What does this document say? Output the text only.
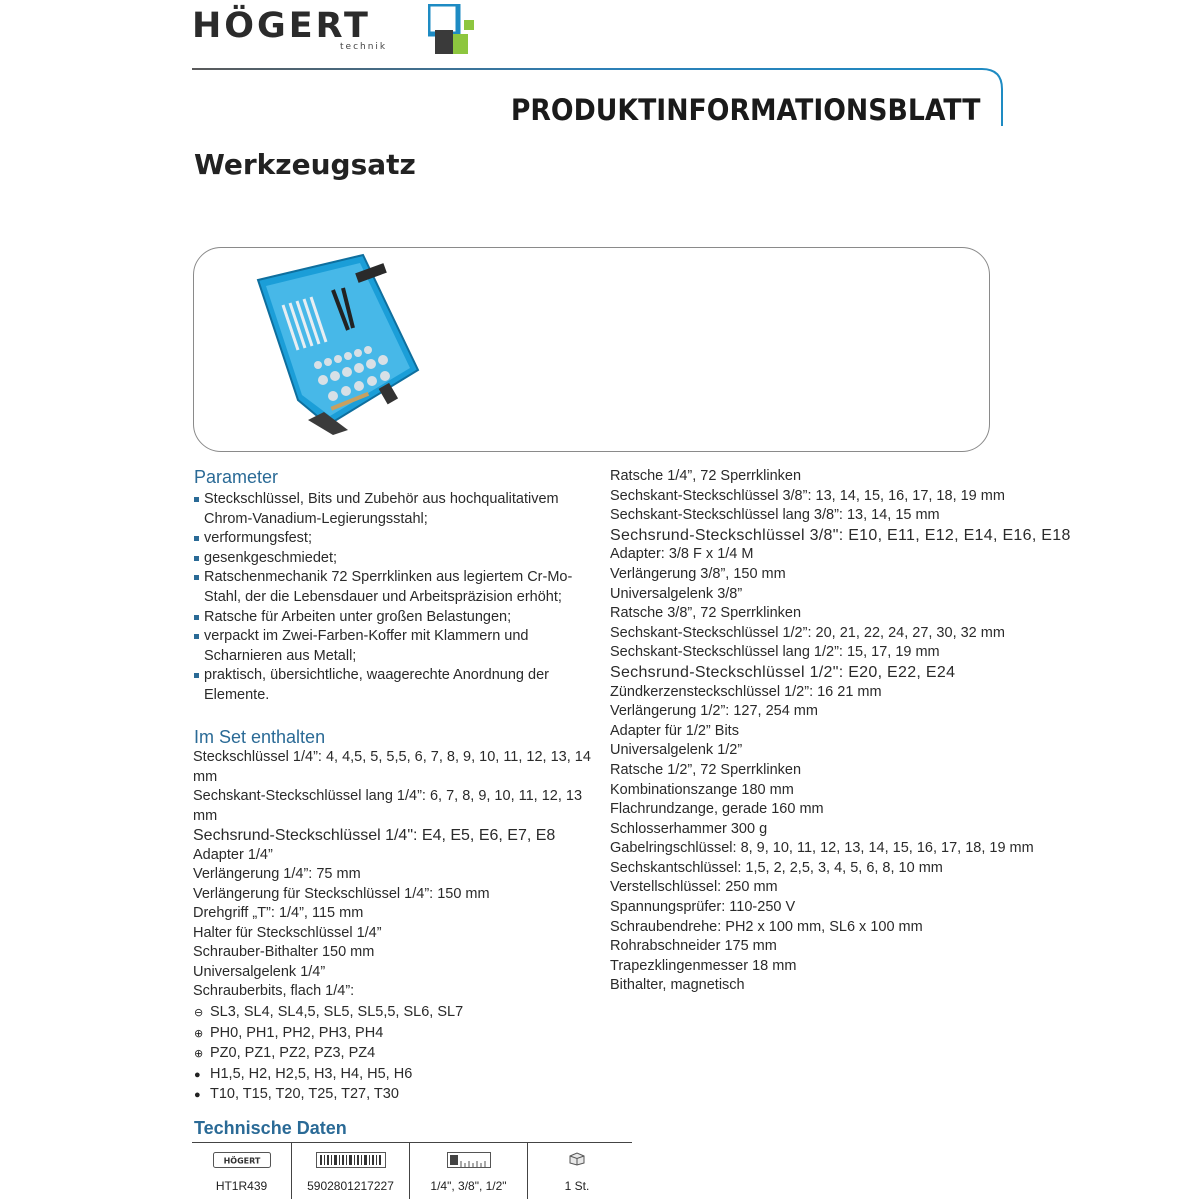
HÖGERT
technik
PRODUKTINFORMATIONSBLATT
Werkzeugsatz
Parameter
Steckschlüssel, Bits und Zubehör aus hochqualitativem Chrom-Vanadium-Legierungsstahl;
verformungsfest;
gesenkgeschmiedet;
Ratschenmechanik 72 Sperrklinken aus legiertem Cr-Mo-Stahl, der die Lebensdauer und Arbeitspräzision erhöht;
Ratsche für Arbeiten unter großen Belastungen;
verpackt im Zwei-Farben-Koffer mit Klammern und Scharnieren aus Metall;
praktisch, übersichtliche, waagerechte Anordnung der Elemente.
Im Set enthalten
Steckschlüssel 1/4”: 4, 4,5, 5, 5,5, 6, 7, 8, 9, 10, 11, 12, 13, 14 mm
Sechskant-Steckschlüssel lang 1/4”: 6, 7, 8, 9, 10, 11, 12, 13 mm
Sechsrund-Steckschlüssel 1/4": E4, E5, E6, E7, E8
Adapter 1/4”
Verlängerung 1/4”: 75 mm
Verlängerung für Steckschlüssel 1/4”: 150 mm
Drehgriff „T”: 1/4”, 115 mm
Halter für Steckschlüssel 1/4”
Schrauber-Bithalter 150 mm
Universalgelenk 1/4”
Schrauberbits, flach 1/4”:
⊖ SL3, SL4, SL4,5, SL5, SL5,5, SL6, SL7
⊕ PH0, PH1, PH2, PH3, PH4
⊕ PZ0, PZ1, PZ2, PZ3, PZ4
● H1,5, H2, H2,5, H3, H4, H5, H6
● T10, T15, T20, T25, T27, T30
Ratsche 1/4”, 72 Sperrklinken
Sechskant-Steckschlüssel 3/8”: 13, 14, 15, 16, 17, 18, 19 mm
Sechskant-Steckschlüssel lang 3/8”: 13, 14, 15 mm
Sechsrund-Steckschlüssel 3/8": E10, E11, E12, E14, E16, E18
Adapter: 3/8 F x 1/4 M
Verlängerung 3/8”, 150 mm
Universalgelenk 3/8”
Ratsche 3/8”, 72 Sperrklinken
Sechskant-Steckschlüssel 1/2”: 20, 21, 22, 24, 27, 30, 32 mm
Sechskant-Steckschlüssel lang 1/2”: 15, 17, 19 mm
Sechsrund-Steckschlüssel 1/2": E20, E22, E24
Zündkerzensteckschlüssel 1/2”: 16 21 mm
Verlängerung 1/2”: 127, 254 mm
Adapter für 1/2” Bits
Universalgelenk 1/2”
Ratsche 1/2”, 72 Sperrklinken
Kombinationszange 180 mm
Flachrundzange, gerade 160 mm
Schlosserhammer 300 g
Gabelringschlüssel: 8, 9, 10, 11, 12, 13, 14, 15, 16, 17, 18, 19 mm
Sechskantschlüssel: 1,5, 2, 2,5, 3, 4, 5, 6, 8, 10 mm
Verstellschlüssel: 250 mm
Spannungsprüfer: 110-250 V
Schraubendrehe: PH2 x 100 mm, SL6 x 100 mm
Rohrabschneider 175 mm
Trapezklingenmesser 18 mm
Bithalter, magnetisch
Technische Daten
HÖGERT
HT1R439	5902801217227	1/4", 3/8", 1/2"	1 St.
